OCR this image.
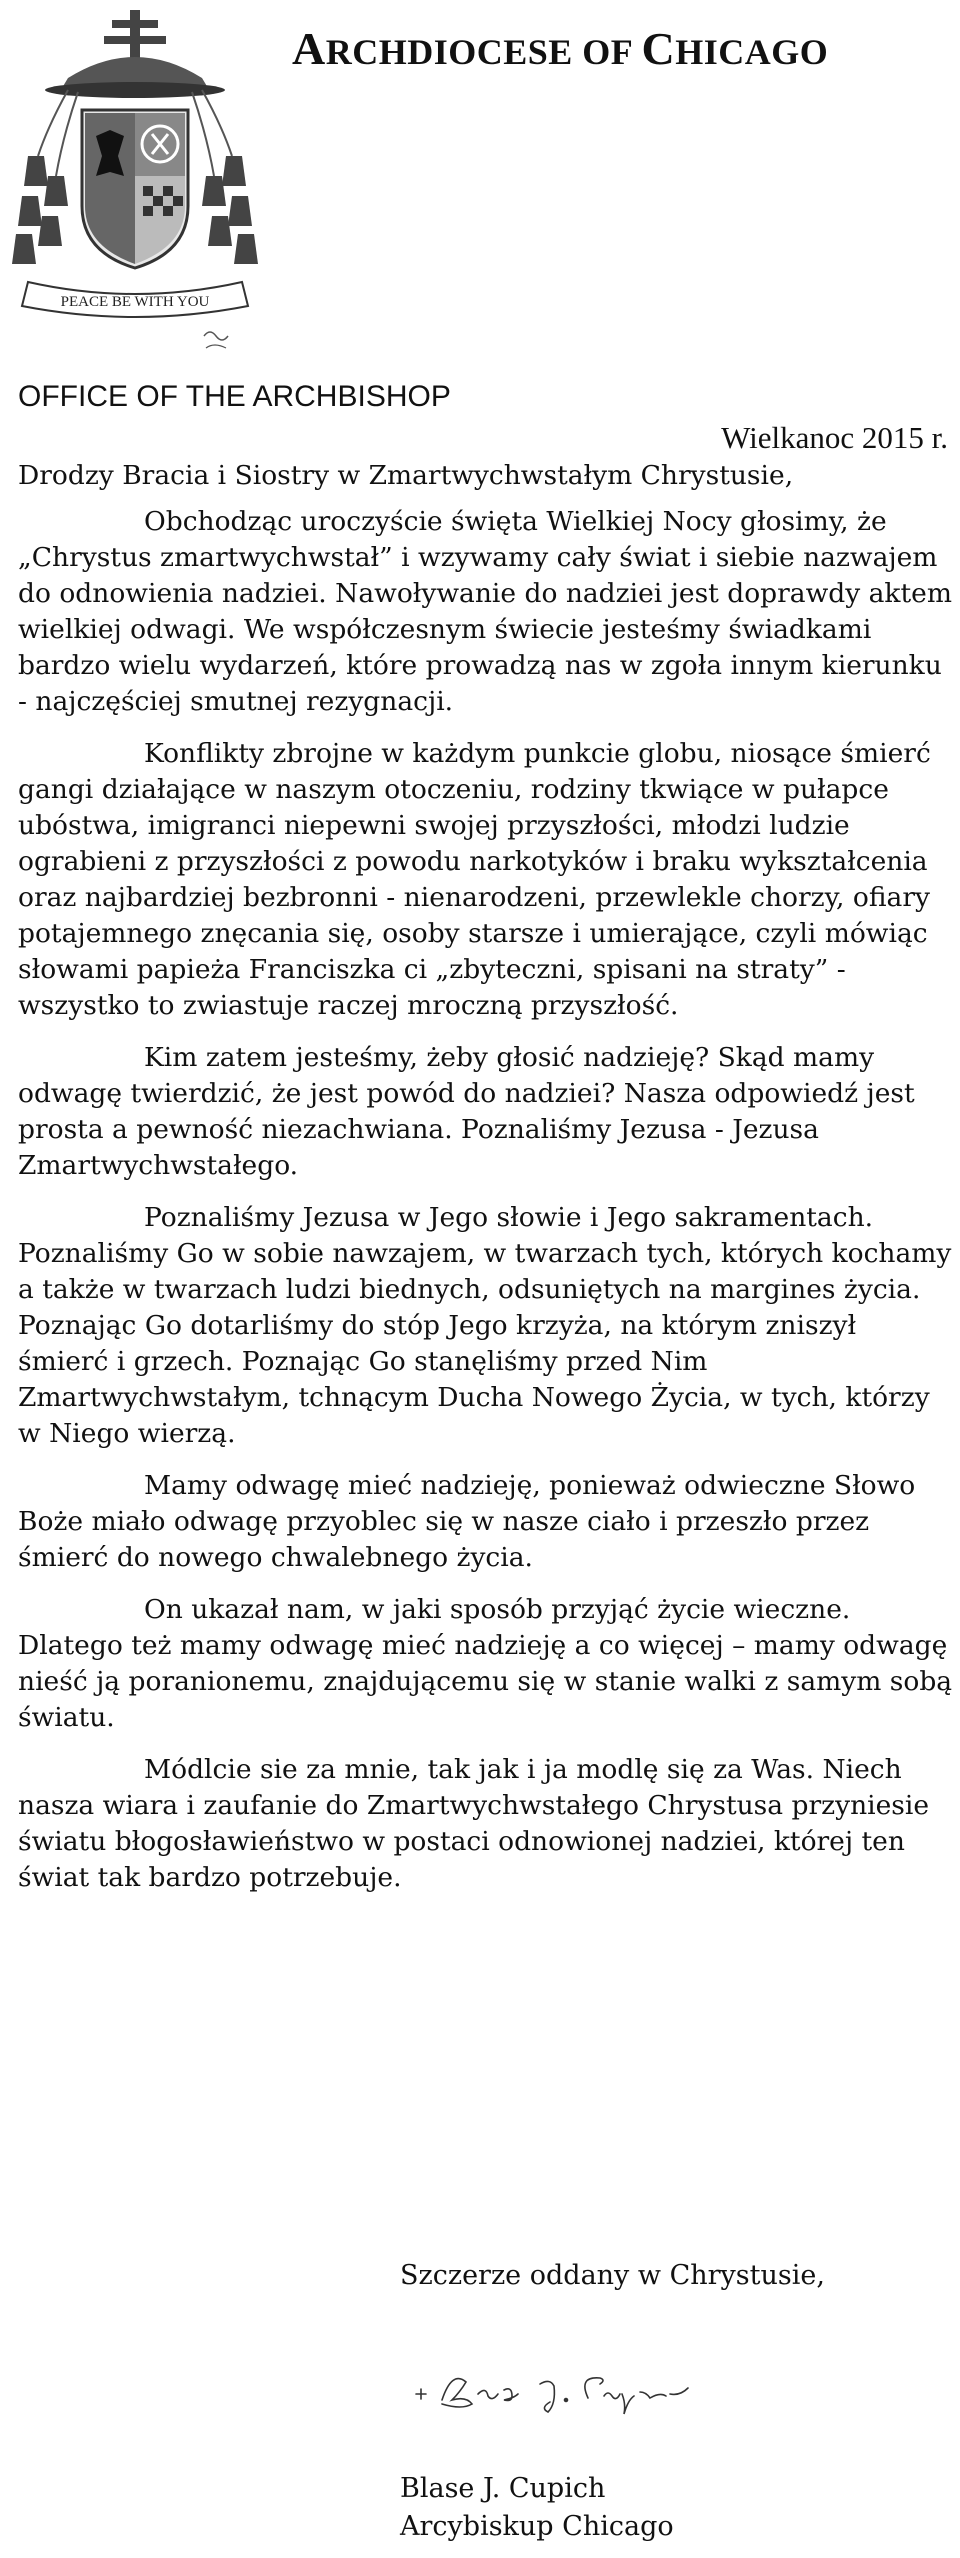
PEACE BE WITH YOU
ARCHDIOCESE OF CHICAGO
OFFICE OF THE ARCHBISHOP
Wielkanoc 2015 r.
Drodzy Bracia i Siostry w Zmartwychwstałym Chrystusie,

Obchodząc uroczyście święta Wielkiej Nocy głosimy, że „Chrystus zmartwychwstał” i wzywamy cały świat i siebie nazwajem do odnowienia nadziei. Nawoływanie do nadziei jest doprawdy aktem wielkiej odwagi. We współczesnym świecie jesteśmy świadkami bardzo wielu wydarzeń, które prowadzą nas w zgoła innym kierunku - najczęściej smutnej rezygnacji.

Konflikty zbrojne w każdym punkcie globu, niosące śmierć gangi działające w naszym otoczeniu, rodziny tkwiące w pułapce ubóstwa, imigranci niepewni swojej przyszłości, młodzi ludzie ograbieni z przyszłości z powodu narkotyków i braku wykształcenia oraz najbardziej bezbronni - nienarodzeni, przewlekle chorzy, ofiary potajemnego znęcania się, osoby starsze i umierające, czyli mówiąc słowami papieża Franciszka ci „zbyteczni, spisani na straty” - wszystko to zwiastuje raczej mroczną przyszłość.

Kim zatem jesteśmy, żeby głosić nadzieję? Skąd mamy odwagę twierdzić, że jest powód do nadziei? Nasza odpowiedź jest prosta a pewność niezachwiana. Poznaliśmy Jezusa - Jezusa Zmartwychwstałego.

Poznaliśmy Jezusa w Jego słowie i Jego sakramentach. Poznaliśmy Go w sobie nawzajem, w twarzach tych, których kochamy a także w twarzach ludzi biednych, odsuniętych na margines życia. Poznając Go dotarliśmy do stóp Jego krzyża, na którym zniszył śmierć i grzech. Poznając Go stanęliśmy przed Nim Zmartwychwstałym, tchnącym Ducha Nowego Życia, w tych, którzy w Niego wierzą.

Mamy odwagę mieć nadzieję, ponieważ odwieczne Słowo Boże miało odwagę przyoblec się w nasze ciało i przeszło przez śmierć do nowego chwalebnego życia.

On ukazał nam, w jaki sposób przyjąć życie wieczne. Dlatego też mamy odwagę mieć nadzieję a co więcej – mamy odwagę nieść ją poranionemu, znajdującemu się w stanie walki z samym sobą światu.

Módlcie sie za mnie, tak jak i ja modlę się za Was. Niech nasza wiara i zaufanie do Zmartwychwstałego Chrystusa przyniesie światu błogosławieństwo w postaci odnowionej nadziei, której ten świat tak bardzo potrzebuje.

Szczerze oddany w Chrystusie,
Blase J. Cupich
Arcybiskup Chicago
